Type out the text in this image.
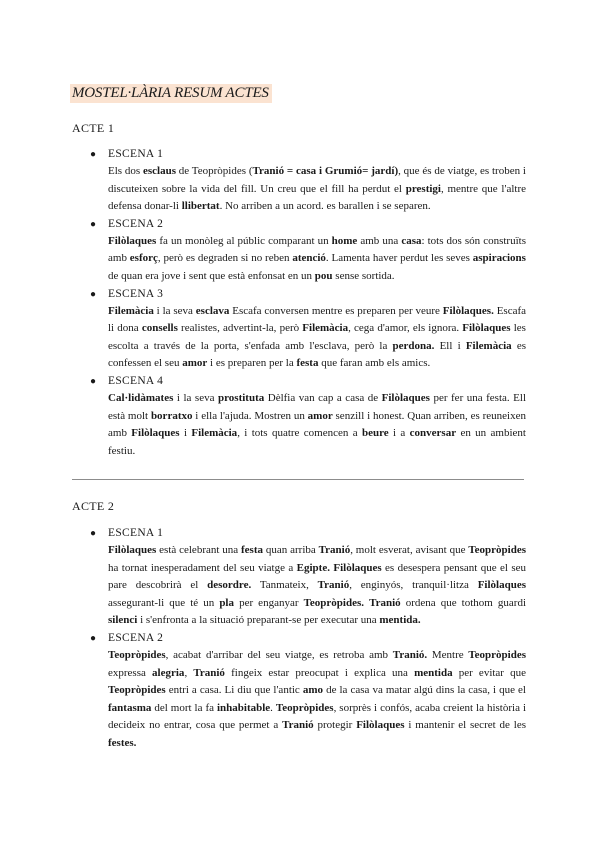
MOSTEL·LÀRIA RESUM ACTES
ACTE 1
● ESCENA 1

Els dos esclaus de Teopròpides (Tranió = casa i Grumió= jardí), que és de viatge, es troben i discuteixen sobre la vida del fill. Un creu que el fill ha perdut el prestigi, mentre que l'altre defensa donar-li llibertat. No arriben a un acord. es barallen i se separen.

● ESCENA 2

Filòlaques fa un monòleg al públic comparant un home amb una casa: tots dos són construïts amb esforç, però es degraden si no reben atenció. Lamenta haver perdut les seves aspiracions de quan era jove i sent que està enfonsat en un pou sense sortida.

● ESCENA 3

Filemàcia i la seva esclava Escafa conversen mentre es preparen per veure Filòlaques. Escafa li dona consells realistes, advertint-la, però Filemàcia, cega d'amor, els ignora. Filòlaques les escolta a través de la porta, s'enfada amb l'esclava, però la perdona. Ell i Filemàcia es confessen el seu amor i es preparen per la festa que faran amb els amics.

● ESCENA 4

Cal·lidàmates i la seva prostituta Dèlfia van cap a casa de Filòlaques per fer una festa. Ell està molt borratxo i ella l'ajuda. Mostren un amor senzill i honest. Quan arriben, es reuneixen amb Filòlaques i Filemàcia, i tots quatre comencen a beure i a conversar en un ambient festiu.

ACTE 2
● ESCENA 1

Filòlaques està celebrant una festa quan arriba Tranió, molt esverat, avisant que Teopròpides ha tornat inesperadament del seu viatge a Egipte. Filòlaques es desespera pensant que el seu pare descobrirà el desordre. Tanmateix, Tranió, enginyós, tranquil·litza Filòlaques assegurant-li que té un pla per enganyar Teopròpides. Tranió ordena que tothom guardi silenci i s'enfronta a la situació preparant-se per executar una mentida.

● ESCENA 2

Teopròpides, acabat d'arribar del seu viatge, es retroba amb Tranió. Mentre Teopròpides expressa alegria, Tranió fingeix estar preocupat i explica una mentida per evitar que Teopròpides entri a casa. Li diu que l'antic amo de la casa va matar algú dins la casa, i que el fantasma del mort la fa inhabitable. Teopròpides, sorprès i confós, acaba creient la història i decideix no entrar, cosa que permet a Tranió protegir Filòlaques i mantenir el secret de les festes.
